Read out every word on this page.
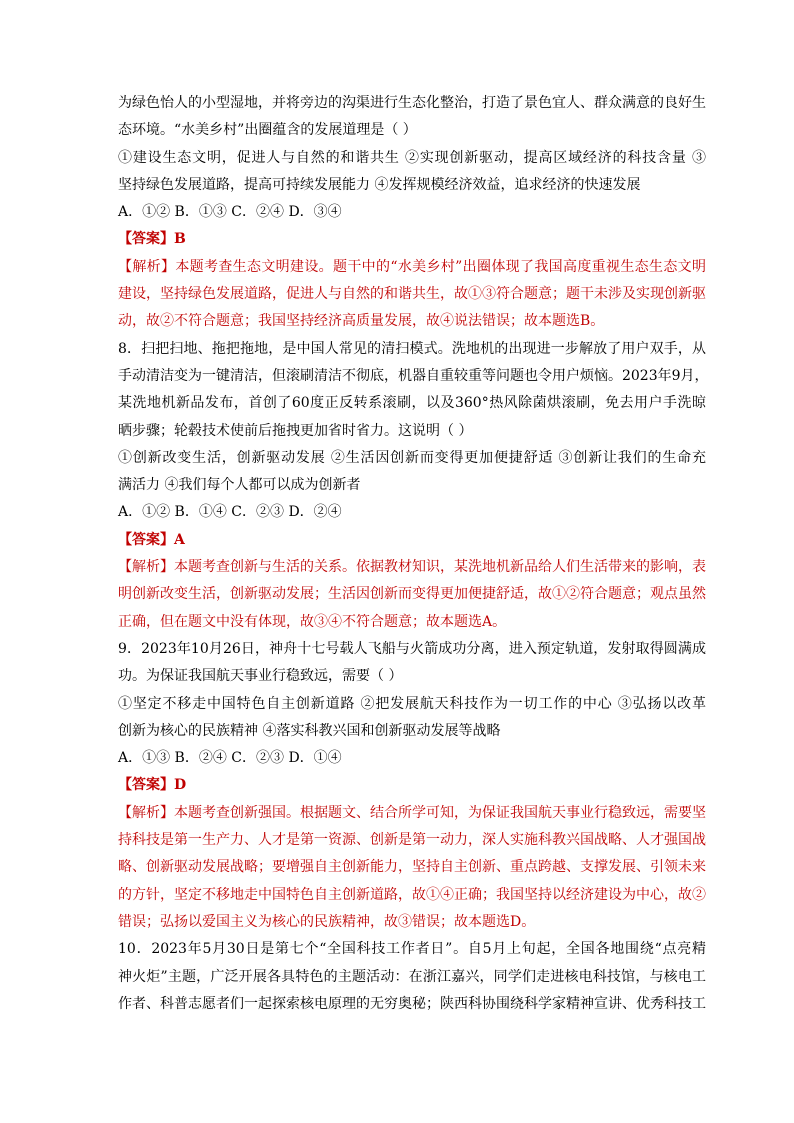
为绿色怡人的小型湿地，并将旁边的沟渠进行生态化整治，打造了景色宜人、群众满意的良好生
态环境。“水美乡村”出圈蕴含的发展道理是（ ）
①建设生态文明，促进人与自然的和谐共生 ②实现创新驱动，提高区域经济的科技含量 ③
坚持绿色发展道路，提高可持续发展能力 ④发挥规模经济效益，追求经济的快速发展
A．①② B．①③ C．②④ D．③④
【答案】B
【解析】本题考查生态文明建设。题干中的“水美乡村”出圈体现了我国高度重视生态生态文明
建设，坚持绿色发展道路，促进人与自然的和谐共生，故①③符合题意；题干未涉及实现创新驱
动，故②不符合题意；我国坚持经济高质量发展，故④说法错误；故本题选B。
8．扫把扫地、拖把拖地，是中国人常见的清扫模式。洗地机的出现进一步解放了用户双手，从
手动清洁变为一键清洁，但滚刷清洁不彻底，机器自重较重等问题也令用户烦恼。2023年9月，
某洗地机新品发布，首创了60度正反转系滚刷，以及360°热风除菌烘滚刷，免去用户手洗晾
晒步骤；轮毂技术使前后拖拽更加省时省力。这说明（ ）
①创新改变生活，创新驱动发展 ②生活因创新而变得更加便捷舒适 ③创新让我们的生命充
满活力 ④我们每个人都可以成为创新者
A．①② B．①④ C．②③ D．②④
【答案】A
【解析】本题考查创新与生活的关系。依据教材知识，某洗地机新品给人们生活带来的影响，表
明创新改变生活，创新驱动发展；生活因创新而变得更加便捷舒适，故①②符合题意；观点虽然
正确，但在题文中没有体现，故③④不符合题意；故本题选A。
9．2023年10月26日，神舟十七号载人飞船与火箭成功分离，进入预定轨道，发射取得圆满成
功。为保证我国航天事业行稳致远，需要（ ）
①坚定不移走中国特色自主创新道路 ②把发展航天科技作为一切工作的中心 ③弘扬以改革
创新为核心的民族精神 ④落实科教兴国和创新驱动发展等战略
A．①③ B．②④ C．②③ D．①④
【答案】D
【解析】本题考查创新强国。根据题文、结合所学可知，为保证我国航天事业行稳致远，需要坚
持科技是第一生产力、人才是第一资源、创新是第一动力，深人实施科教兴国战略、人才强国战
略、创新驱动发展战略；要增强自主创新能力，坚持自主创新、重点跨越、支撑发展、引领未来
的方针，坚定不移地走中国特色自主创新道路，故①④正确；我国坚持以经济建设为中心，故②
错误；弘扬以爱国主义为核心的民族精神，故③错误；故本题选D。
10．2023年5月30日是第七个“全国科技工作者日”。自5月上旬起，全国各地围绕“点亮精
神火炬”主题，广泛开展各具特色的主题活动：在浙江嘉兴，同学们走进核电科技馆，与核电工
作者、科普志愿者们一起探索核电原理的无穷奥秘；陕西科协围绕科学家精神宣讲、优秀科技工
